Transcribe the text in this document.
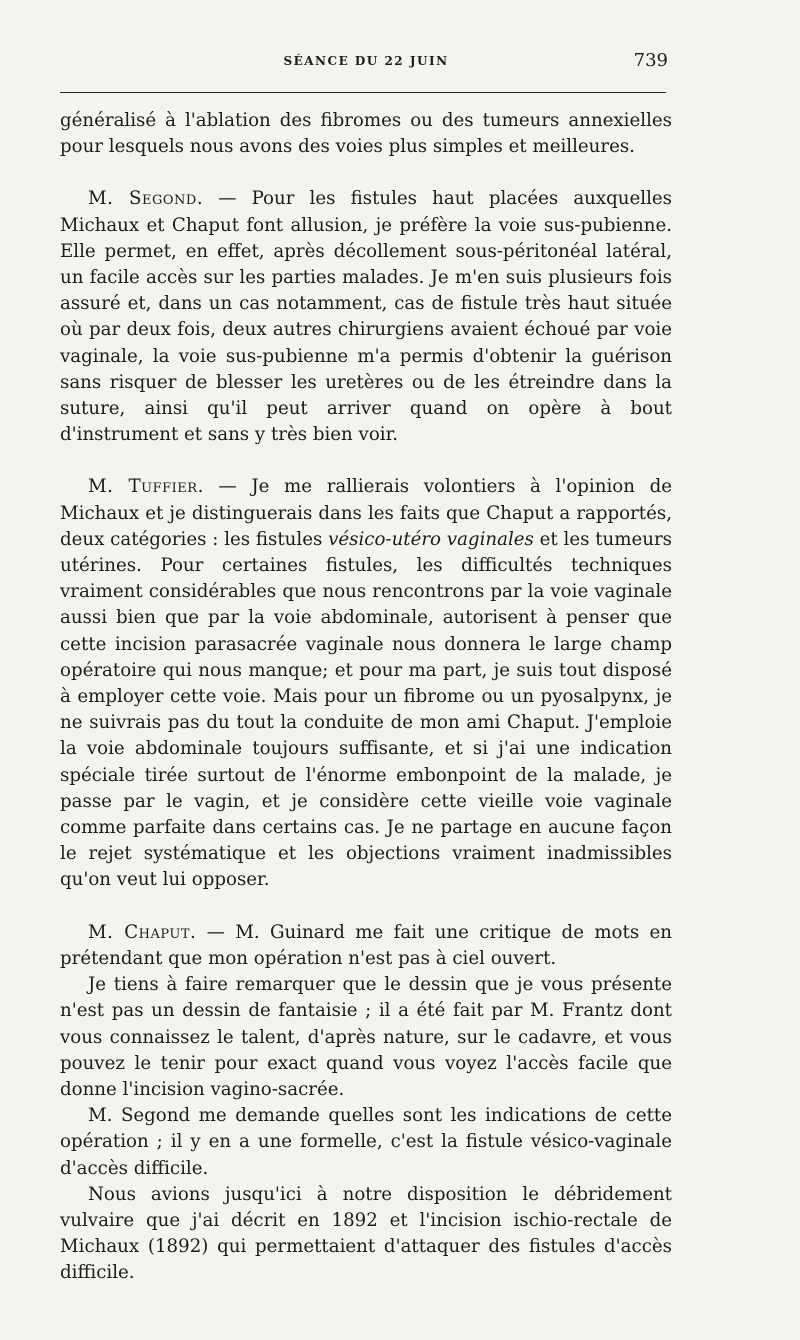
SÉANCE DU 22 JUIN	739

généralisé à l'ablation des fibromes ou des tumeurs annexielles pour lesquels nous avons des voies plus simples et meilleures.

M. Segond. — Pour les fistules haut placées auxquelles Michaux et Chaput font allusion, je préfère la voie sus-pubienne. Elle permet, en effet, après décollement sous-péritonéal latéral, un facile accès sur les parties malades. Je m'en suis plusieurs fois assuré et, dans un cas notamment, cas de fistule très haut située où par deux fois, deux autres chirurgiens avaient échoué par voie vaginale, la voie sus-pubienne m'a permis d'obtenir la guérison sans risquer de blesser les uretères ou de les étreindre dans la suture, ainsi qu'il peut arriver quand on opère à bout d'instrument et sans y très bien voir.

M. Tuffier. — Je me rallierais volontiers à l'opinion de Michaux et je distinguerais dans les faits que Chaput a rapportés, deux catégories : les fistules vésico-utéro vaginales et les tumeurs utérines. Pour certaines fistules, les difficultés techniques vraiment considérables que nous rencontrons par la voie vaginale aussi bien que par la voie abdominale, autorisent à penser que cette incision parasacrée vaginale nous donnera le large champ opératoire qui nous manque; et pour ma part, je suis tout disposé à employer cette voie. Mais pour un fibrome ou un pyosalpynx, je ne suivrais pas du tout la conduite de mon ami Chaput. J'emploie la voie abdominale toujours suffisante, et si j'ai une indication spéciale tirée surtout de l'énorme embonpoint de la malade, je passe par le vagin, et je considère cette vieille voie vaginale comme parfaite dans certains cas. Je ne partage en aucune façon le rejet systématique et les objections vraiment inadmissibles qu'on veut lui opposer.

M. Chaput. — M. Guinard me fait une critique de mots en prétendant que mon opération n'est pas à ciel ouvert.

Je tiens à faire remarquer que le dessin que je vous présente n'est pas un dessin de fantaisie ; il a été fait par M. Frantz dont vous connaissez le talent, d'après nature, sur le cadavre, et vous pouvez le tenir pour exact quand vous voyez l'accès facile que donne l'incision vagino-sacrée.

M. Segond me demande quelles sont les indications de cette opération ; il y en a une formelle, c'est la fistule vésico-vaginale d'accès difficile.

Nous avions jusqu'ici à notre disposition le débridement vulvaire que j'ai décrit en 1892 et l'incision ischio-rectale de Michaux (1892) qui permettaient d'attaquer des fistules d'accès difficile.
